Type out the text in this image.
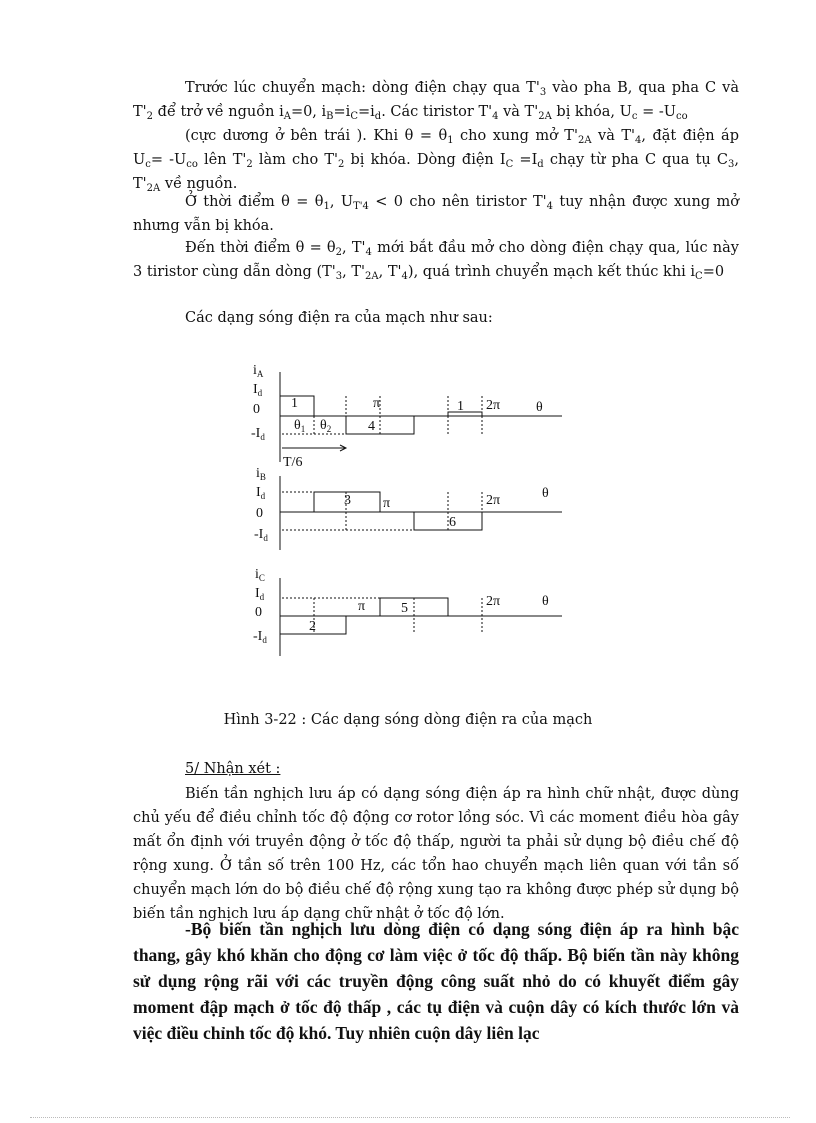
Trước lúc chuyển mạch: dòng điện chạy qua $T'_3$ vào pha B, qua pha C và $T'_2$ để trở về nguồn $i_A=0$, $i_B=i_C=i_d$. Các tiristor $T'_4$ và $T'_{2A}$ bị khóa, $U_c = -U_{co}$

(cực dương ở bên trái ). Khi $\theta = \theta_1$ cho xung mở $T'_{2A}$ và $T'_4$, đặt điện áp $U_c= -U_{co}$ lên $T'_2$ làm cho $T'_2$ bị khóa. Dòng điện $I_C =I_d$ chạy từ pha C qua tụ $C_3$, $T'_{2A}$ về nguồn.

Ở thời điểm $\theta = \theta_1$, $U_{T'4} < 0$ cho nên tiristor $T'_4$ tuy nhận được xung mở nhưng vẫn bị khóa.

Đến thời điểm $\theta = \theta_2$, $T'_4$ mới bắt đầu mở cho dòng điện chạy qua, lúc này 3 tiristor cùng dẫn dòng ($T'_3$, $T'_{2A}$, $T'_4$), quá trình chuyển mạch kết thúc khi $i_C=0$

Các dạng sóng điện ra của mạch như sau:

$i_A$
$I_d$
0
$-I_d$
1	π
4
1 2π	θ
$\theta_1$ $\theta_2$
T/6
$i_B$
$I_d$
0
$-I_d$
3 π
6
2π	θ
$i_C$
$I_d$
0
$-I_d$
2
π	5	2π	θ
Hình 3-22 : Các dạng sóng dòng điện ra của mạch
5/ Nhận xét :

Biến tần nghịch lưu áp có dạng sóng điện áp ra hình chữ nhật, được dùng chủ yếu để điều chỉnh tốc độ động cơ rotor lồng sóc. Vì các moment điều hòa gây mất ổn định với truyền động ở tốc độ thấp, người ta phải sử dụng bộ điều chế độ rộng xung. Ở tần số trên 100 Hz, các tổn hao chuyển mạch liên quan với tần số chuyển mạch lớn do bộ điều chế độ rộng xung tạo ra không được phép sử dụng bộ biến tần nghịch lưu áp dạng chữ nhật ở tốc độ lớn.

-Bộ biến tần nghịch lưu dòng điện có dạng sóng điện áp ra hình bậc thang, gây khó khăn cho động cơ làm việc ở tốc độ thấp. Bộ biến tần này không sử dụng rộng rãi với các truyền động công suất nhỏ do có khuyết điểm gây moment đập mạch ở tốc độ thấp , các tụ điện và cuộn dây có kích thước lớn và việc điều chỉnh tốc độ khó. Tuy nhiên cuộn dây liên lạc
